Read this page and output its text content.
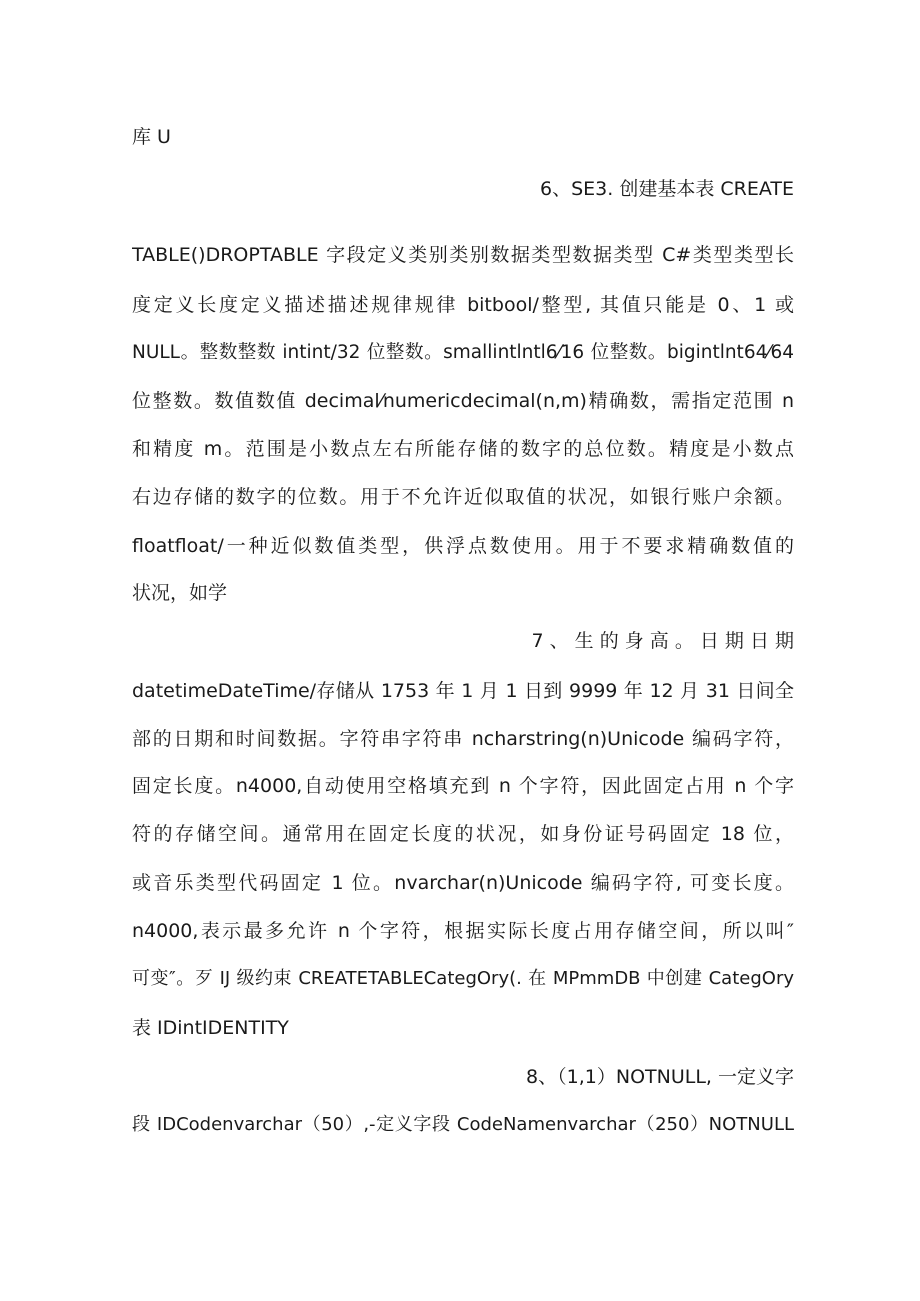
库 U
6、SE3. 创建基本表 CREATE
TABLE()DROPTABLE 字段定义类别类别数据类型数据类型 C#类型类型长
度定义长度定义描述描述规律规律 bitbool/整型, 其值只能是 0、1 或
NULL。整数整数 intint/32 位整数。smallintlntl6⁄16 位整数。bigintlnt64⁄64
位整数。数值数值 decimal⁄numericdecimal(n,m)精确数，需指定范围 n
和精度 m。范围是小数点左右所能存储的数字的总位数。精度是小数点
右边存储的数字的位数。用于不允许近似取值的状况，如银行账户余额。
floatfloat/一种近似数值类型，供浮点数使用。用于不要求精确数值的
状况，如学
7 、 生 的 身 高 。 日 期 日 期
datetimeDateTime/存储从 1753 年 1 月 1 日到 9999 年 12 月 31 日间全
部的日期和时间数据。字符串字符串 ncharstring(n)Unicode 编码字符，
固定长度。n4000,自动使用空格填充到 n 个字符，因此固定占用 n 个字
符的存储空间。通常用在固定长度的状况，如身份证号码固定 18 位，
或音乐类型代码固定 1 位。nvarchar(n)Unicode 编码字符, 可变长度。
n4000,表示最多允许 n 个字符，根据实际长度占用存储空间，所以叫″
可变″。歹 IJ 级约束 CREATETABLECategOry(. 在 MPmmDB 中创建 CategOry
表 IDintIDENTITY
8、（1,1）NOTNULL, 一定义字
段 IDCodenvarchar（50）,-定义字段 CodeNamenvarchar（250）NOTNULL
